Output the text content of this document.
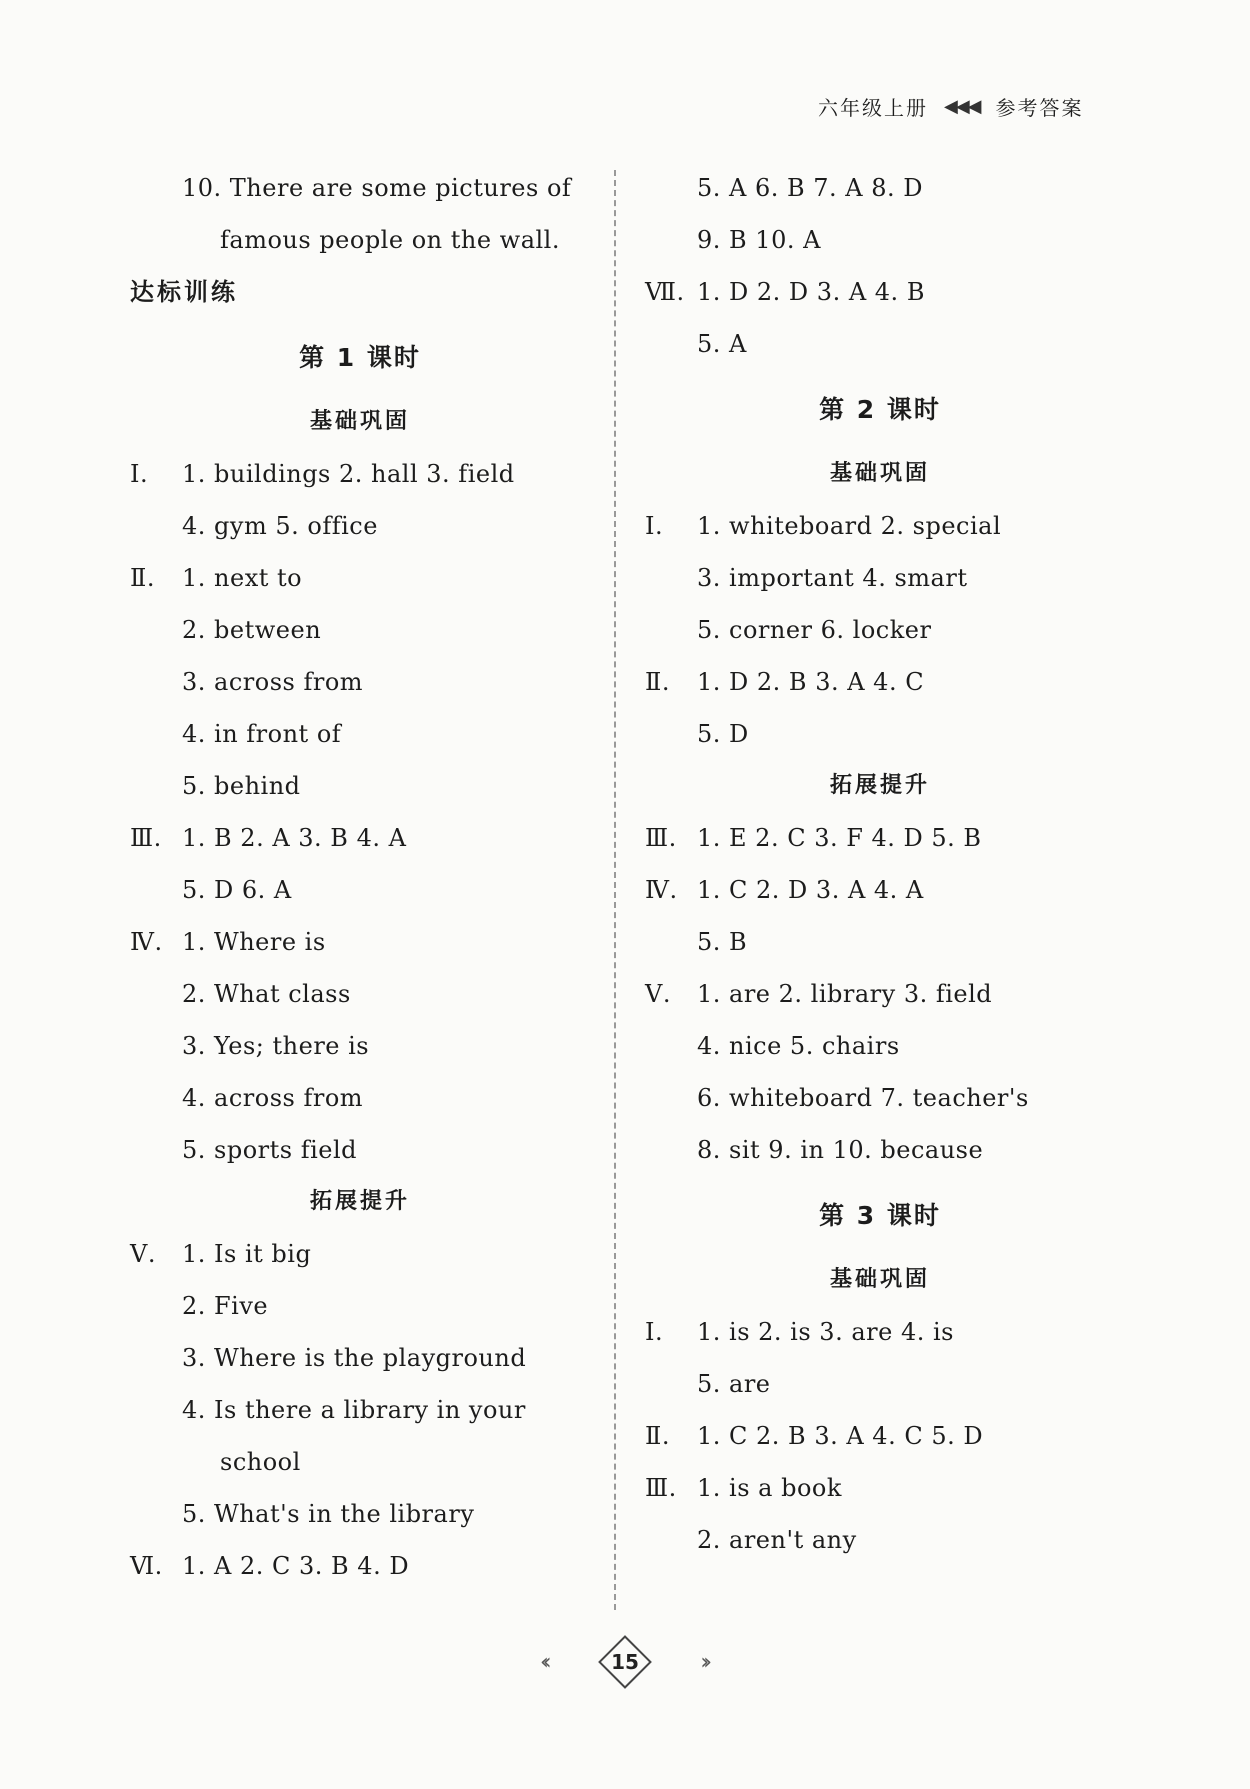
六年级上册 ◀◀◀ 参考答案
10. There are some pictures of
famous people on the wall.
达标训练
第 1 课时
基础巩固
Ⅰ. 1. buildings 2. hall 3. field
4. gym 5. office
Ⅱ. 1. next to
2. between
3. across from
4. in front of
5. behind
Ⅲ. 1. B 2. A 3. B 4. A
5. D 6. A
Ⅳ. 1. Where is
2. What class
3. Yes; there is
4. across from
5. sports field
拓展提升
Ⅴ. 1. Is it big
2. Five
3. Where is the playground
4. Is there a library in your
school
5. What's in the library
Ⅵ. 1. A 2. C 3. B 4. D
5. A 6. B 7. A 8. D
9. B 10. A
Ⅶ. 1. D 2. D 3. A 4. B
5. A
第 2 课时
基础巩固
Ⅰ. 1. whiteboard 2. special
3. important 4. smart
5. corner 6. locker
Ⅱ. 1. D 2. B 3. A 4. C
5. D
拓展提升
Ⅲ. 1. E 2. C 3. F 4. D 5. B
Ⅳ. 1. C 2. D 3. A 4. A
5. B
Ⅴ. 1. are 2. library 3. field
4. nice 5. chairs
6. whiteboard 7. teacher's
8. sit 9. in 10. because
第 3 课时
基础巩固
Ⅰ. 1. is 2. is 3. are 4. is
5. are
Ⅱ. 1. C 2. B 3. A 4. C 5. D
Ⅲ. 1. is a book
2. aren't any
‹‹	15	››
